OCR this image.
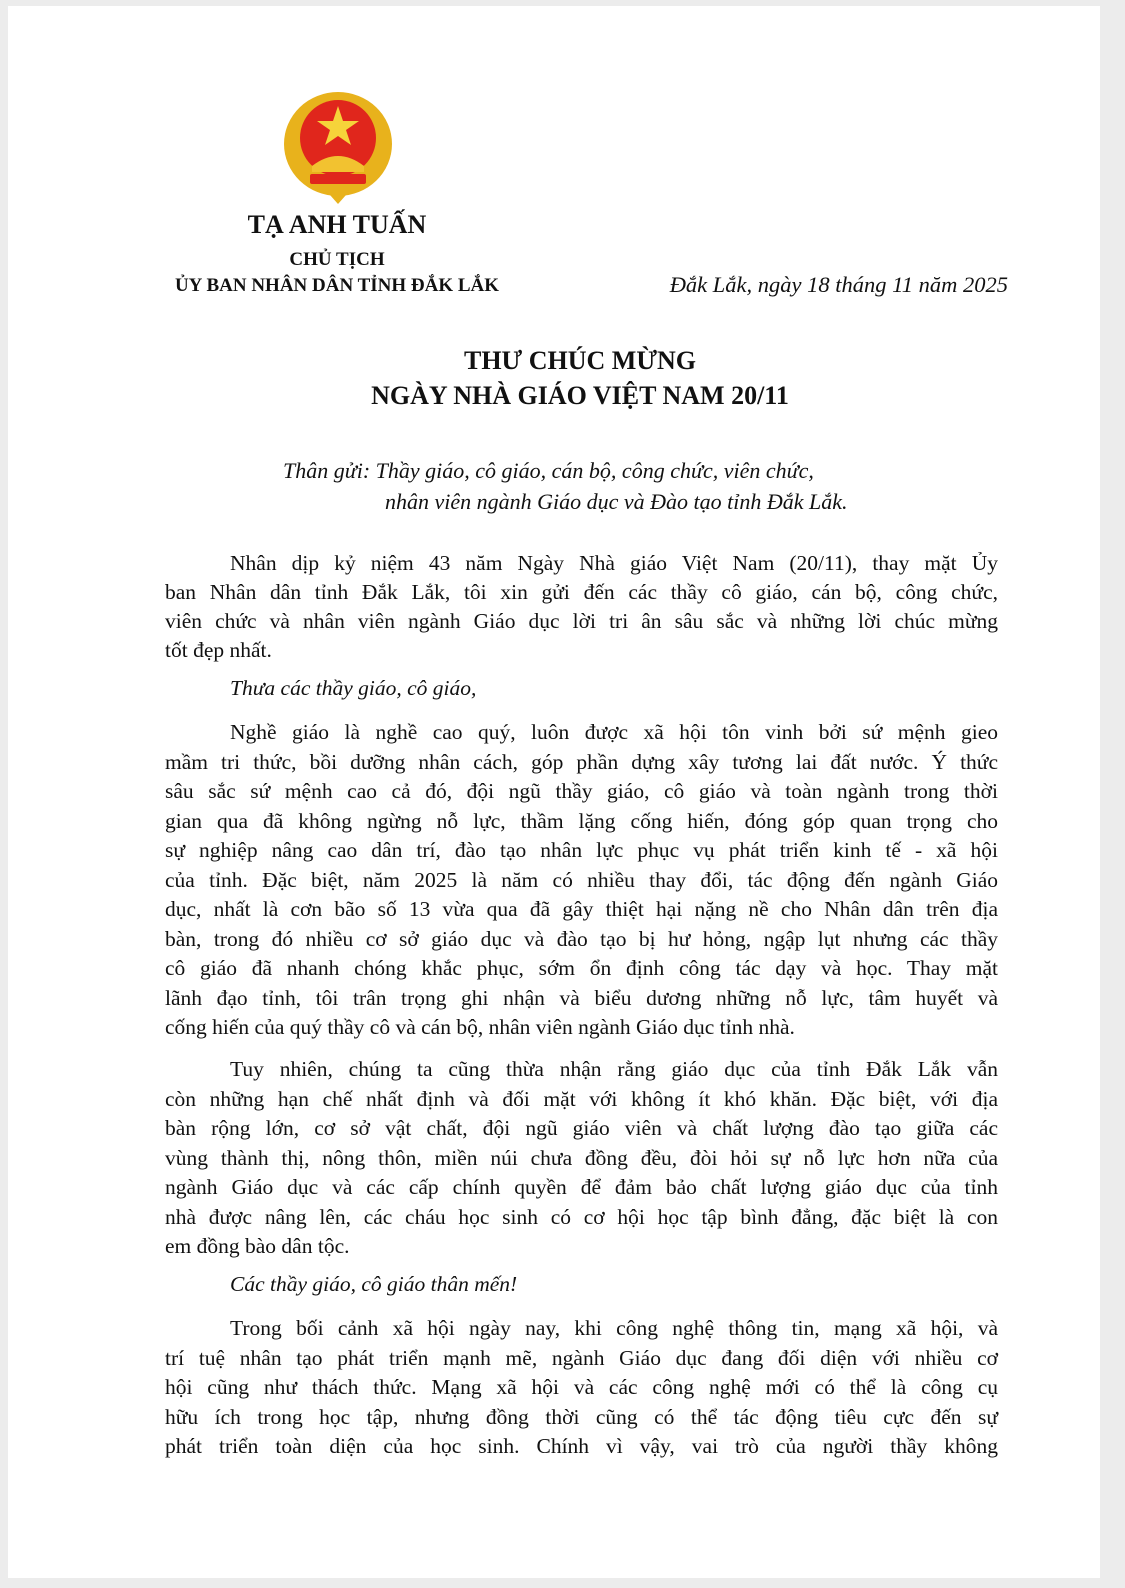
TẠ ANH TUẤN
CHỦ TỊCH
ỦY BAN NHÂN DÂN TỈNH ĐẮK LẮK	Đắk Lắk, ngày 18 tháng 11 năm 2025
THƯ CHÚC MỪNG
NGÀY NHÀ GIÁO VIỆT NAM 20/11
Thân gửi: Thầy giáo, cô giáo, cán bộ, công chức, viên chức,
nhân viên ngành Giáo dục và Đào tạo tỉnh Đắk Lắk.
Nhân dịp kỷ niệm 43 năm Ngày Nhà giáo Việt Nam (20/11), thay mặt Ủy
ban Nhân dân tỉnh Đắk Lắk, tôi xin gửi đến các thầy cô giáo, cán bộ, công chức,
viên chức và nhân viên ngành Giáo dục lời tri ân sâu sắc và những lời chúc mừng
tốt đẹp nhất.
Thưa các thầy giáo, cô giáo,
Nghề giáo là nghề cao quý, luôn được xã hội tôn vinh bởi sứ mệnh gieo
mầm tri thức, bồi dưỡng nhân cách, góp phần dựng xây tương lai đất nước. Ý thức
sâu sắc sứ mệnh cao cả đó, đội ngũ thầy giáo, cô giáo và toàn ngành trong thời
gian qua đã không ngừng nỗ lực, thầm lặng cống hiến, đóng góp quan trọng cho
sự nghiệp nâng cao dân trí, đào tạo nhân lực phục vụ phát triển kinh tế - xã hội
của tỉnh. Đặc biệt, năm 2025 là năm có nhiều thay đổi, tác động đến ngành Giáo
dục, nhất là cơn bão số 13 vừa qua đã gây thiệt hại nặng nề cho Nhân dân trên địa
bàn, trong đó nhiều cơ sở giáo dục và đào tạo bị hư hỏng, ngập lụt nhưng các thầy
cô giáo đã nhanh chóng khắc phục, sớm ổn định công tác dạy và học. Thay mặt
lãnh đạo tỉnh, tôi trân trọng ghi nhận và biểu dương những nỗ lực, tâm huyết và
cống hiến của quý thầy cô và cán bộ, nhân viên ngành Giáo dục tỉnh nhà.
Tuy nhiên, chúng ta cũng thừa nhận rằng giáo dục của tỉnh Đắk Lắk vẫn
còn những hạn chế nhất định và đối mặt với không ít khó khăn. Đặc biệt, với địa
bàn rộng lớn, cơ sở vật chất, đội ngũ giáo viên và chất lượng đào tạo giữa các
vùng thành thị, nông thôn, miền núi chưa đồng đều, đòi hỏi sự nỗ lực hơn nữa của
ngành Giáo dục và các cấp chính quyền để đảm bảo chất lượng giáo dục của tỉnh
nhà được nâng lên, các cháu học sinh có cơ hội học tập bình đẳng, đặc biệt là con
em đồng bào dân tộc.
Các thầy giáo, cô giáo thân mến!
Trong bối cảnh xã hội ngày nay, khi công nghệ thông tin, mạng xã hội, và
trí tuệ nhân tạo phát triển mạnh mẽ, ngành Giáo dục đang đối diện với nhiều cơ
hội cũng như thách thức. Mạng xã hội và các công nghệ mới có thể là công cụ
hữu ích trong học tập, nhưng đồng thời cũng có thể tác động tiêu cực đến sự
phát triển toàn diện của học sinh. Chính vì vậy, vai trò của người thầy không
